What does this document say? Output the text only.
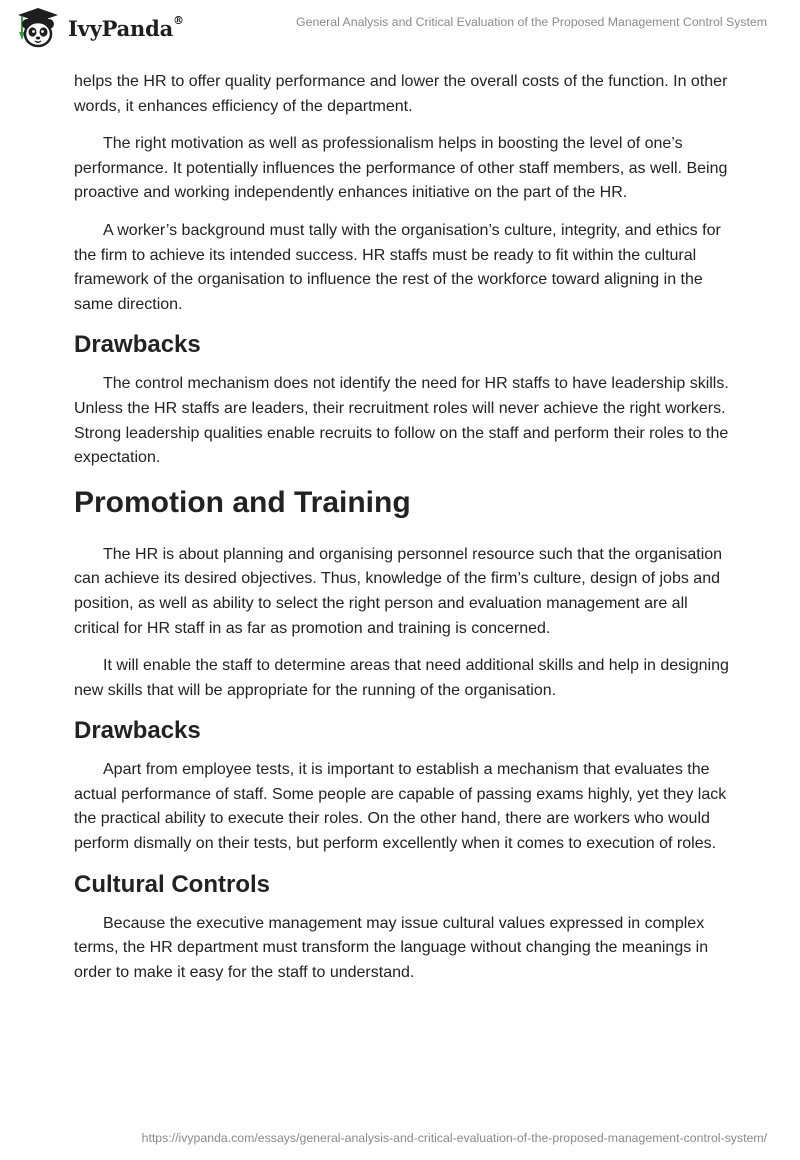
IvyPanda®	General Analysis and Critical Evaluation of the Proposed Management Control System

helps the HR to offer quality performance and lower the overall costs of the function. In other words, it enhances efficiency of the department.

The right motivation as well as professionalism helps in boosting the level of one’s performance. It potentially influences the performance of other staff members, as well. Being proactive and working independently enhances initiative on the part of the HR.

A worker’s background must tally with the organisation’s culture, integrity, and ethics for the firm to achieve its intended success. HR staffs must be ready to fit within the cultural framework of the organisation to influence the rest of the workforce toward aligning in the same direction.

Drawbacks

The control mechanism does not identify the need for HR staffs to have leadership skills. Unless the HR staffs are leaders, their recruitment roles will never achieve the right workers. Strong leadership qualities enable recruits to follow on the staff and perform their roles to the expectation.

Promotion and Training

The HR is about planning and organising personnel resource such that the organisation can achieve its desired objectives. Thus, knowledge of the firm’s culture, design of jobs and position, as well as ability to select the right person and evaluation management are all critical for HR staff in as far as promotion and training is concerned.

It will enable the staff to determine areas that need additional skills and help in designing new skills that will be appropriate for the running of the organisation.

Drawbacks

Apart from employee tests, it is important to establish a mechanism that evaluates the actual performance of staff. Some people are capable of passing exams highly, yet they lack the practical ability to execute their roles. On the other hand, there are workers who would perform dismally on their tests, but perform excellently when it comes to execution of roles.

Cultural Controls

Because the executive management may issue cultural values expressed in complex terms, the HR department must transform the language without changing the meanings in order to make it easy for the staff to understand.

https://ivypanda.com/essays/general-analysis-and-critical-evaluation-of-the-proposed-management-control-system/
